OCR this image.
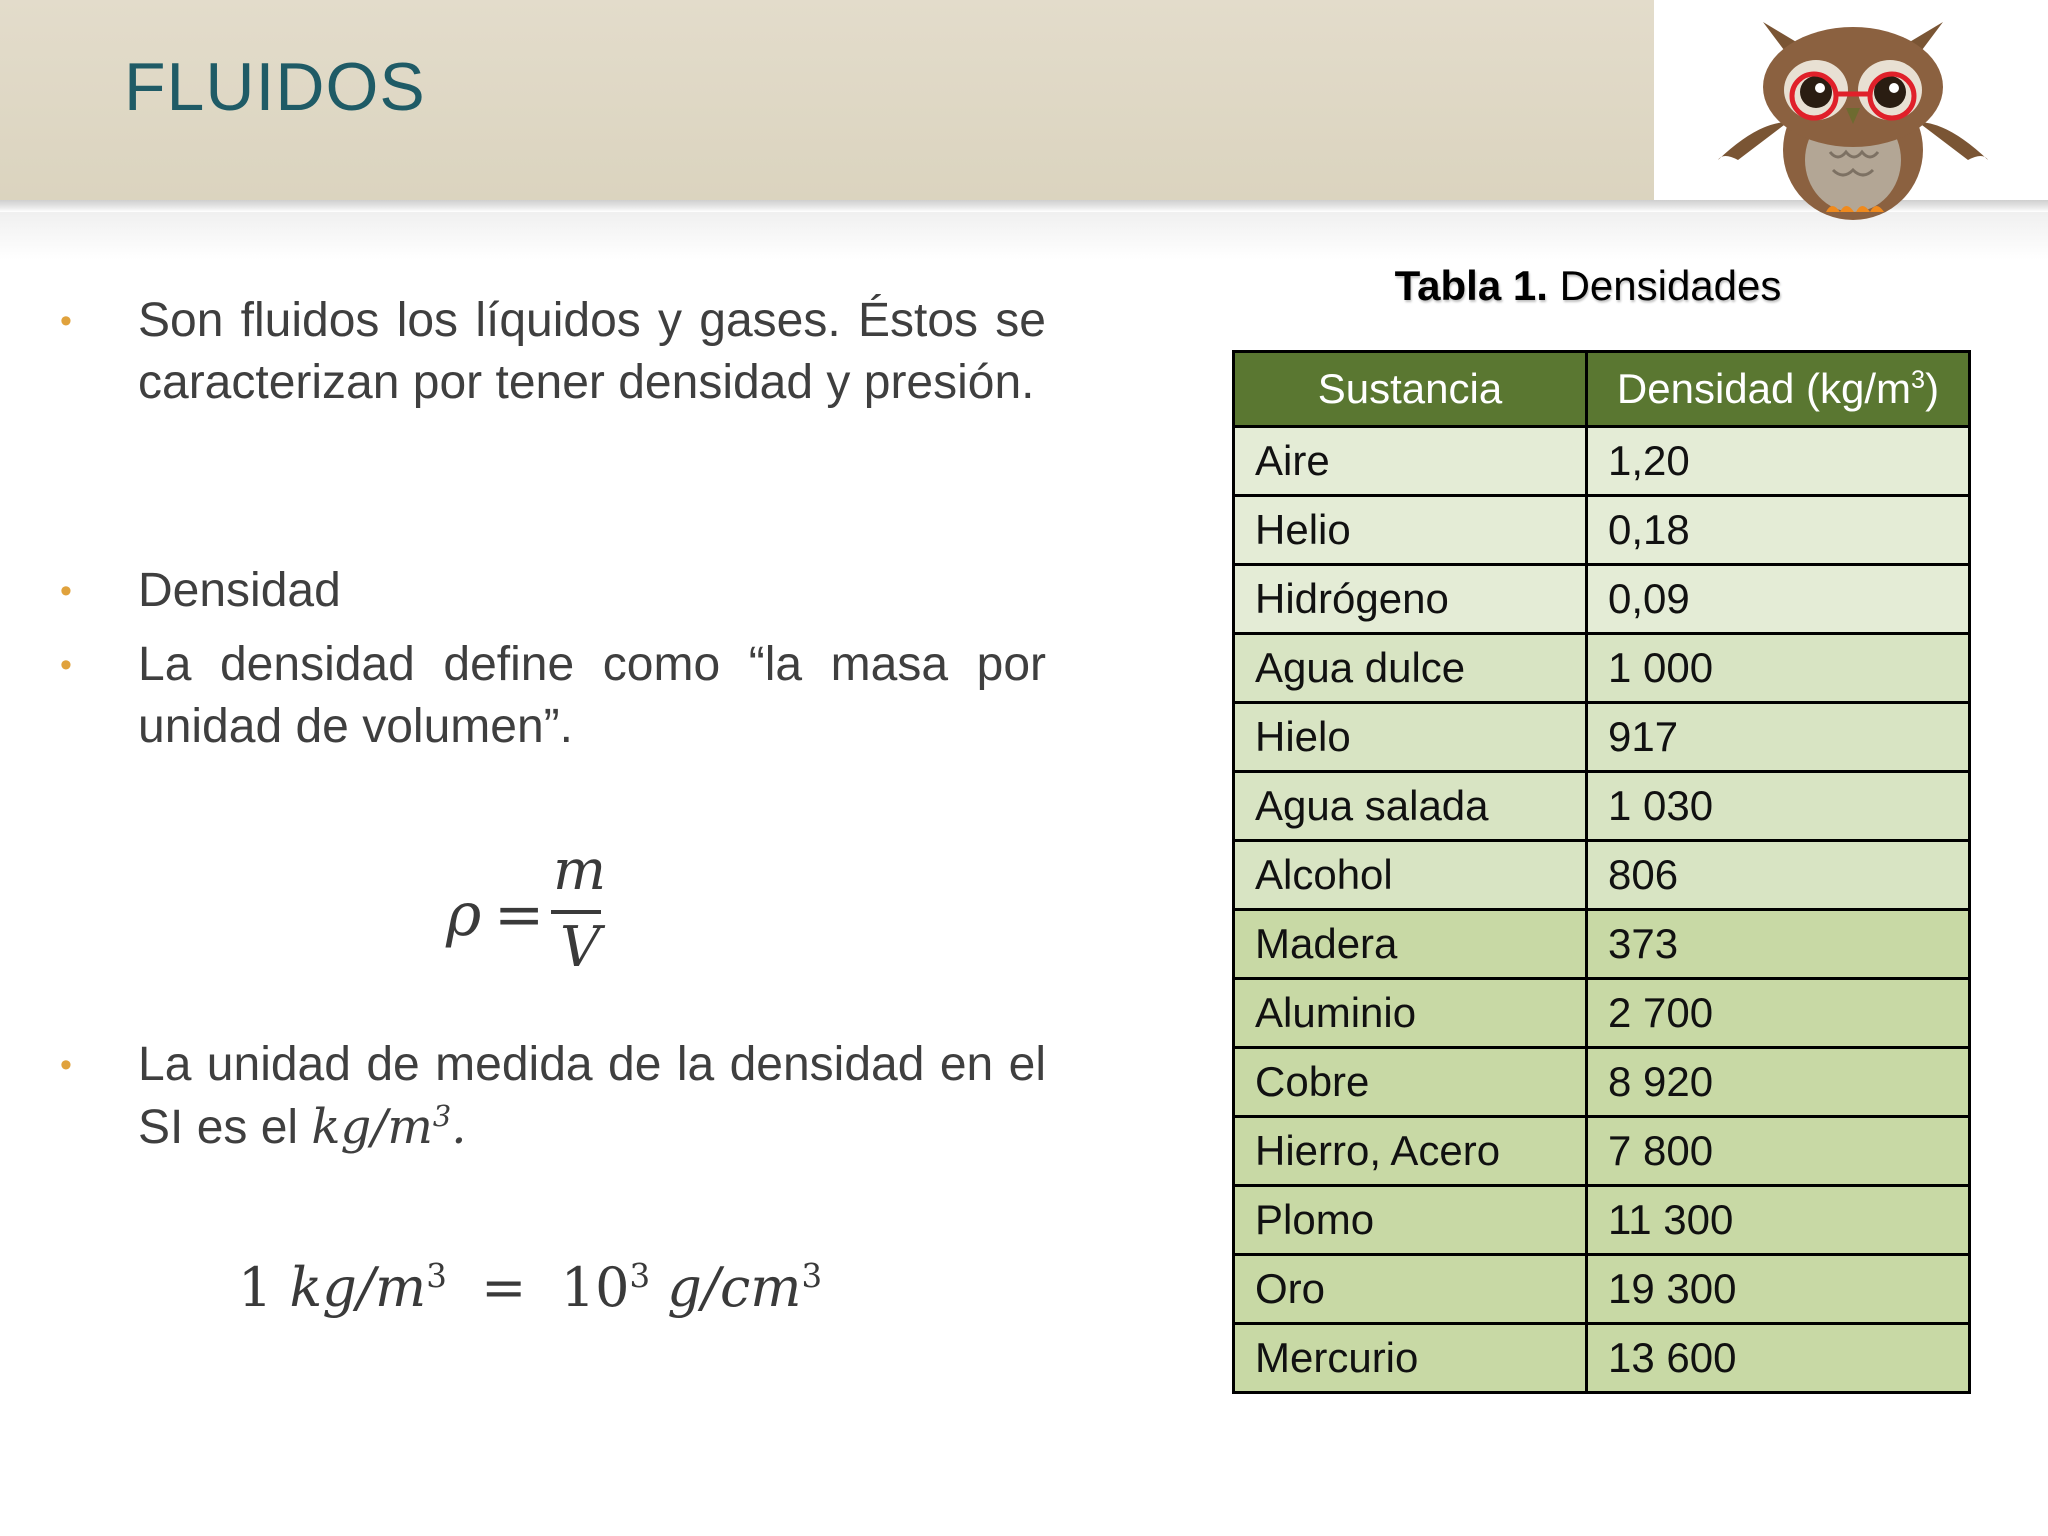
FLUIDOS
• Son fluidos los líquidos y gases. Éstos se caracterizan por tener densidad y presión.
• Densidad
• La densidad define como “la masa por unidad de volumen”.
• La unidad de medida de la densidad en el SI es el $kg/m^3$.
ρ =
m
V
1 $kg/m^3 = 10^3$ $g/cm^3$
Tabla 1. Densidades
Sustancia	Densidad $(kg/m^3)$
Aire	1,20
Helio	0,18
Hidrógeno	0,09
Agua dulce	1 000
Hielo	917
Agua salada	1 030
Alcohol	806
Madera	373
Aluminio	2 700
Cobre	8 920
Hierro, Acero	7 800
Plomo	11 300
Oro	19 300
Mercurio	13 600
